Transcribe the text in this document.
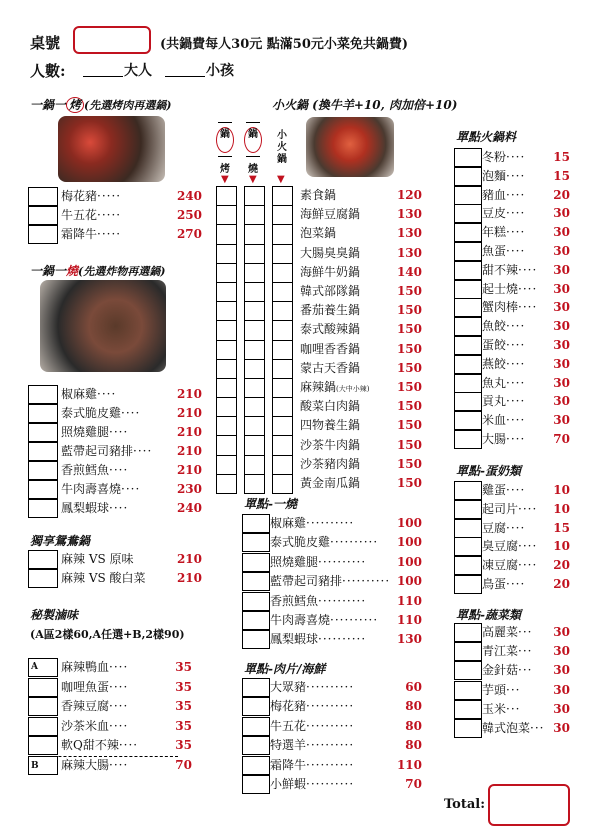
桌號	(共鍋費每人30元 點滿50元小菜免共鍋費)
人數:	大人	小孩
一鍋一 烤 (先選烤肉再選鍋)
梅花豬·····	240
牛五花·····	250
霜降牛·····	270
一鍋一燒(先選炸物再選鍋)
椒麻雞····	210
泰式脆皮雞····	210
照燒雞腿····	210
藍帶起司豬排····	210
香煎鱈魚····	210
牛肉壽喜燒····	230
鳳梨蝦球····	240
獨享鴛鴦鍋
麻辣 VS 原味	210
麻辣 VS 酸白菜	210
秘製滷味
(A區2樣60,A任選+B,2樣90)
麻辣鴨血····	35
咖哩魚蛋····	35
香辣豆腐····	35
沙茶米血····	35
軟Q甜不辣····	35
麻辣大腸····	70
A
B
小火鍋 (換牛羊+10, 肉加倍+10)
鍋	鍋	小火鍋
烤 燒
▼ ▼ ▼
素食鍋	120
海鮮豆腐鍋	130
泡菜鍋	130
大腸臭臭鍋	130
海鮮牛奶鍋	140
韓式部隊鍋	150
番茄養生鍋	150
泰式酸辣鍋	150
咖哩香香鍋	150
蒙古天香鍋	150
麻辣鍋(大中小辣)	150
酸菜白肉鍋	150
四物養生鍋	150
沙茶牛肉鍋	150
沙茶豬肉鍋	150
黃金南瓜鍋	150
單點-一燒
椒麻雞··········	100
泰式脆皮雞··········	100
照燒雞腿··········	100
藍帶起司豬排·········· 100
香煎鱈魚··········	110
牛肉壽喜燒··········	110
鳳梨蝦球··········	130
單點-肉片/海鮮
大眾豬··········	60
梅花豬··········	80
牛五花··········	80
特選羊··········	80
霜降牛··········	110
小鮮蝦··········	70
單點火鍋料
冬粉····	15
泡麵····	15
豬血····	20
豆皮····	30
年糕····	30
魚蛋····	30
甜不辣····	30
起士燒····	30
蟹肉棒····	30
魚餃····	30
蛋餃····	30
燕餃····	30
魚丸····	30
貢丸····	30
米血····	30
大腸····	70
單點-蛋奶類
雞蛋····	10
起司片····	10
豆腐····	15
臭豆腐····	10
凍豆腐····	20
鳥蛋····	20
單點-蔬菜類
高麗菜···	30
青江菜···	30
金針菇···	30
芋頭···	30
玉米···	30
韓式泡菜··· 30
Total:
